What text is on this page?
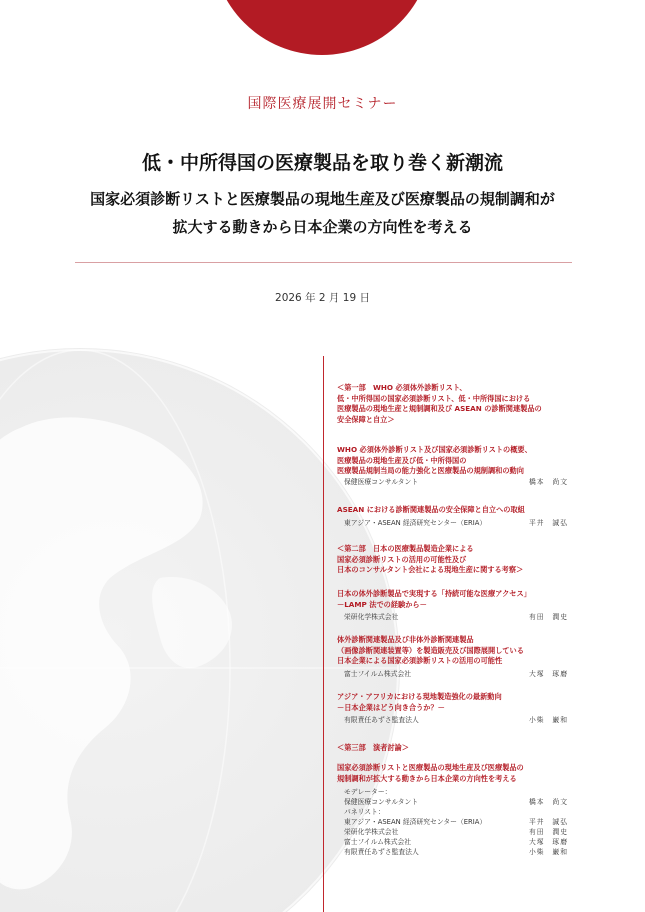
国際医療展開セミナー
低・中所得国の医療製品を取り巻く新潮流
国家必須診断リストと医療製品の現地生産及び医療製品の規制調和が
拡大する動きから日本企業の方向性を考える
2026 年 2 月 19 日
＜第一部　WHO 必須体外診断リスト、
低・中所得国の国家必須診断リスト、低・中所得国における
医療製品の現地生産と規制調和及び ASEAN の診断関連製品の
安全保障と自立＞
WHO 必須体外診断リスト及び国家必須診断リストの概要、
医療製品の現地生産及び低・中所得国の
医療製品規制当局の能力強化と医療製品の規制調和の動向
保健医療コンサルタント	橋本　尚文
ASEAN における診断関連製品の安全保障と自立への取組
東アジア・ASEAN 経済研究センター（ERIA）	平井　誠弘
＜第二部　日本の医療製品製造企業による
国家必須診断リストの活用の可能性及び
日本のコンサルタント会社による現地生産に関する考察＞
日本の体外診断製品で実現する「持続可能な医療アクセス」
－LAMP 法での経験から－
栄研化学株式会社	有田　潤史
体外診断関連製品及び非体外診断関連製品
（画像診断関連装置等）を製造販売及び国際展開している
日本企業による国家必須診断リストの活用の可能性
富士フイルム株式会社	大塚　琢磨
アジア・アフリカにおける現地製造強化の最新動向
－日本企業はどう向き合うか？－
有限責任あずさ監査法人	小柴　巌和
＜第三部　演者討論＞
国家必須診断リストと医療製品の現地生産及び医療製品の
規制調和が拡大する動きから日本企業の方向性を考える
モデレーター：
保健医療コンサルタント	橋本　尚文
パネリスト：
東アジア・ASEAN 経済研究センター（ERIA）	平井　誠弘
栄研化学株式会社	有田　潤史
富士フイルム株式会社	大塚　琢磨
有限責任あずさ監査法人	小柴　巌和
